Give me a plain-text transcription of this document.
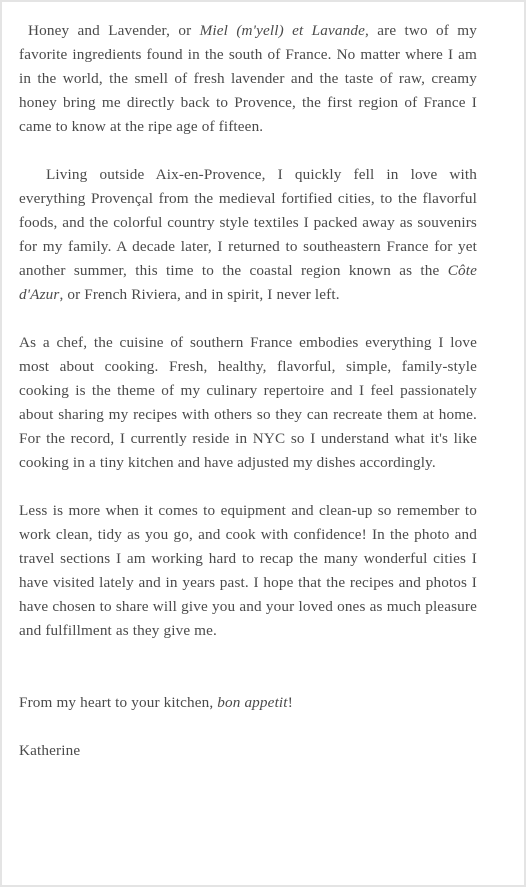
Honey and Lavender, or Miel (m'yell) et Lavande, are two of my favorite ingredients found in the south of France. No matter where I am in the world, the smell of fresh lavender and the taste of raw, creamy honey bring me directly back to Provence, the first region of France I came to know at the ripe age of fifteen.

Living outside Aix-en-Provence, I quickly fell in love with everything Provençal from the medieval fortified cities, to the flavorful foods, and the colorful country style textiles I packed away as souvenirs for my family. A decade later, I returned to southeastern France for yet another summer, this time to the coastal region known as the Côte d'Azur, or French Riviera, and in spirit, I never left.

As a chef, the cuisine of southern France embodies everything I love most about cooking. Fresh, healthy, flavorful, simple, family-style cooking is the theme of my culinary repertoire and I feel passionately about sharing my recipes with others so they can recreate them at home. For the record, I currently reside in NYC so I understand what it's like cooking in a tiny kitchen and have adjusted my dishes accordingly.

Less is more when it comes to equipment and clean-up so remember to work clean, tidy as you go, and cook with confidence! In the photo and travel sections I am working hard to recap the many wonderful cities I have visited lately and in years past. I hope that the recipes and photos I have chosen to share will give you and your loved ones as much pleasure and fulfillment as they give me.

From my heart to your kitchen, bon appetit!

Katherine
